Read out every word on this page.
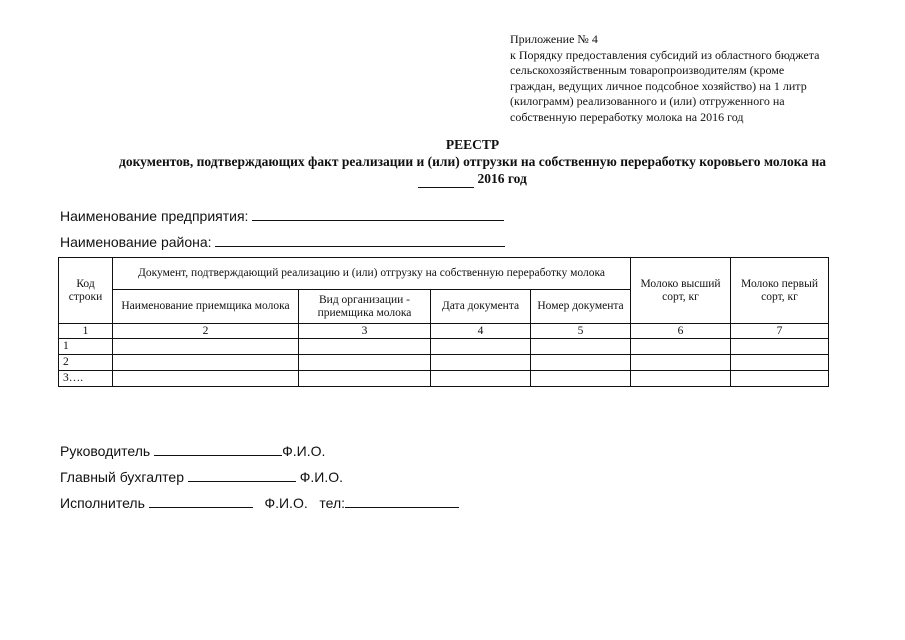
Приложение № 4
к Порядку предоставления субсидий из областного бюджета
сельскохозяйственным товаропроизводителям (кроме
граждан, ведущих личное подсобное хозяйство) на 1 литр
(килограмм) реализованного и (или) отгруженного на
собственную переработку молока на 2016 год
РЕЕСТР
документов, подтверждающих факт реализации и (или) отгрузки на собственную переработку коровьего молока на
2016 год
Наименование предприятия:
Наименование района:
Код строки	Документ, подтверждающий реализацию и (или) отгрузку на собственную переработку молока				Молоко высший сорт, кг	Молоко первый сорт, кг
	Наименование приемщика молока	Вид организации - приемщика молока	Дата документа	Номер документа		
1	2	3	4	5	6	7
1						
2						
3….						
Руководитель	Ф.И.О.
Главный бухгалтер	Ф.И.О.
Исполнитель	Ф.И.О. тел:
